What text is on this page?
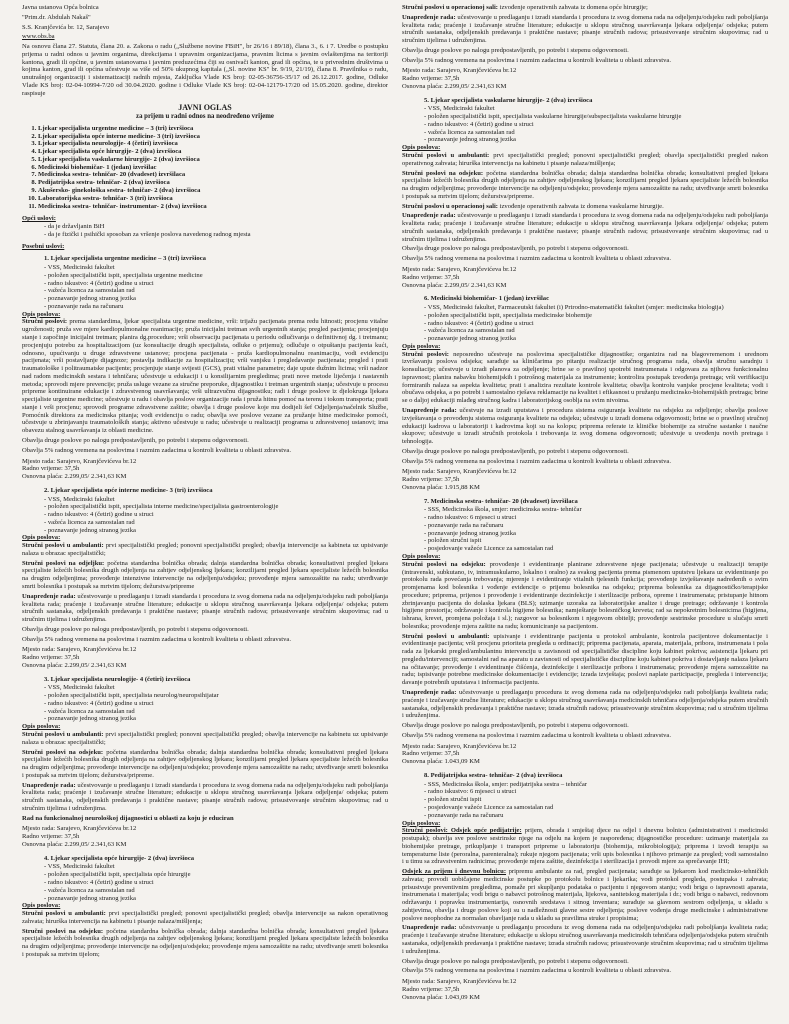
Javna ustanova Opća bolnica

"Prim.dr. Abdulah Nakaš"

S.S. Kranjčevića br. 12, Sarajevo

www.obs.ba

Na osnovu člana 27. Statuta, člana 20. a. Zakona o radu („Službene novine FBiH", br 26/16 i 89/18), člana 3., 6. i 7. Uredbe o postupku prijema u radni odnos u javnim organima, direkcijama i upravnim organizacijama, pravnim licima s javnim ovlaštenjima na teritoriji kantona, gradi ili općine, u javnim ustanovama i javnim preduzećima čiji su osnivači kanton, grad ili općina, te u privrednim društvima u kojima kanton, grad ili općina učestvuje sa više od 50% ukupnog kapitala („Sl. novine KS" br. 9/19, 21/19), člana 8. Pravilnika o radu, unutrašnjoj organizaciji i sistematizaciji radnih mjesta, Zaključka Vlade KS broj: 02-05-36756-35/17 od 26.12.2017. godine, Odluke Vlade KS broj: 02-04-10994-7/20 od 30.04.2020. godine i Odluke Vlade KS broj: 02-04-12179-17/20 od 15.05.2020. godine, direktor raspisuje

JAVNI OGLAS
za prijem u radni odnos na neodređeno vrijeme
1. Ljekar specijalista urgentne medicine – 3 (tri) izvršioca
2. Ljekar specijalista opće interne medicine- 3 (tri) izvršioca
3. Ljekar specijalista neurologije- 4 (četiri) izvršioca
4. Ljekar specijalista opće hirurgije- 2 (dva) izvršioca
5. Ljekar specijalista vaskularne hirurgije- 2 (dva) izvršioca
6. Medicinski biohemičar- 1 (jedan) izvršilac
7. Medicinska sestra- tehničar- 20 (dvadeset) izvršilaca
8. Pedijatrijska sestra- tehničar- 2 (dva) izvršioca
9. Akušersko- ginekološka sestra- tehničar- 2 (dva) izvršioca
10. Laboratorijska sestra- tehničar- 3 (tri) izvršioca
11. Medicinska sestra- tehničar- instrumentar- 2 (dva) izvršioca
Opći uslovi:
- da je državljanin BiH
- da je fizički i psihički sposoban za vršenje poslova navedenog radnog mjesta
Posebni uslovi:
1. Ljekar specijalista urgentne medicine – 3 (tri) izvršioca
- VSS, Medicinski fakultet
- položen specijalistički ispit, specijalista urgentne medicine
- radno iskustvo: 4 (četiri) godine u struci
- važeća licenca za samostalan rad
- poznavanje jednog stranog jezika
- poznavanje rada na računaru
Opis poslova:

Stručni poslovi: prema standardima, ljekar specijalista urgentne medicine, vrši: trijažu pacijenata prema redu hitnosti; procjenu vitalne ugroženosti; pruža sve mjere kardiopulmonalne reanimacije; pruža inicijalni tretman svih urgentnih stanja; pregled pacijenta; procjenjuju stanje i započinje inicijalni tretman; planira dg.procedure; vrši observaciju pacijenata u periodu odlučivanja o definitivnoj dg. i tretmanu; procjenjuju potrebu za hospitalizacijom (uz konsultacije drugih specijalista, odluke o prijemu); odlučuje o otpuštanju pacijenta kući, odnosno, upućivanju u druge zdravstvene ustanove; procjena pacijenata - pruža kardiopulmonalnu reanimaciju, vodi evidenciju pacijenata; vrši postavljanje dijagnoze; postavlja indikacije za hospitalizaciju; vrši vanjsku i pregledavanje pacijenata; pregled i prati traumatološke i politraumatske pacijente; procjenjuje stanje svijesti (GCS), prati vitalne parametre; daje upute dužnim licima; vrši nadzor nad radom medicinskih sestara i tehničara; učestvuje u edukaciji i u konsilijarnim pregledima; prati nove metode liječenja i nastavnih metoda; sprovodi mjere prevencije; pruža usluge vezane za stručne preporuke, dijagnostiku i tretman urgentnih stanja; učestvuje u procesu pripreme kontinuirane edukacije i zdravstvenog usavršavanja; vrši ultrazvučnu dijagnostiku; radi i druge poslove iz djelokruga ljekara specijaliste urgentne medicine; učestvuje u radu i obavlja poslove organizacije rada i pruža hitnu pomoć na terenu i tokom transporta; prati stanje i vrši procjenu; sprovodi programe zdravstvene zaštite; obavlja i druge poslove koje mu dodijeli šef Odjeljenja/načelnik Službe, Pomoćnik direktora za medicinska pitanja; vodi evidenciju o radu; obavlja sve poslove vezane za pružanje hitne medicinske pomoći, učestvuje u zbrinjavanju traumatoloških stanja; aktivno učestvuje u radu; učestvuje u realizaciji programa u zdravstvenoj ustanovi; ima obavezu stalnog usavršavanja iz oblasti medicine.

Obavlja druge poslove po nalogu predpostavljenih, po potrebi i stepenu odgovornosti.

Obavlja 5% radnog vremena na poslovima i razmim zadacima u kontroli kvaliteta u oblasti zdravstva.

Mjesto rada: Sarajevo, Kranjčevićeva br.12
Radno vrijeme: 37,5h
Osnovna plaća: 2.299,05/ 2.341,63 KM
2. Ljekar specijalista opće interne medicine- 3 (tri) izvršioca
- VSS, Medicinski fakultet
- položen specijalistički ispit, specijalista interne medicine/specijalista gastroenterologije
- radno iskustvo: 4 (četiri) godine u struci
- važeća licenca za samostalan rad
- poznavanje jednog stranog jezika
Opis poslova:

Stručni poslovi u ambulanti: prvi specijalistički pregled; ponovni specijalistički pregled; obavlja intervencije sa kabineta uz upisivanje nalaza u obrazac specijalistički;

Stručni poslovi na odjeljku: početna standardna bolnička obrada; dalnja standardna bolnička obrada; konsultativni pregled ljekara specijaliste ležećih bolesnika drugih odjeljenja na zahtjev odjeljenskog ljekara; konzilijarni pregled ljekara specijaliste ležećih bolesnika na drugim odjeljenjima; provođenje intenzivne intervencije na odjeljenju/odsjeku; provođenje mjera samozaštite na radu; utvrđivanje smrti bolesnika i postupak sa mrtvim tijelom; dežurstva/pripreme

Unapređenje rada: učestvovanje u predlaganju i izradi standarda i procedura iz svog domena rada na odjeljenju/odsjeku radi poboljšanja kvaliteta rada; praćenje i izučavanje stručne literature; edukacije u sklopu stručnog usavršavanja ljekara odjeljenja/ odsjeka; putem stručnih sastanaka, odjeljenskih predavanja i praktične nastave; pisanje stručnih radova; prisustvovanje stručnim skupovima; rad u stručnim tijelima i udruženjima.

Obavlja druge poslove po nalogu predpostavljenih, po potrebi i stepenu odgovornosti.

Obavlja 5% radnog vremena na poslovima i razmim zadacima u kontroli kvaliteta u oblasti zdravstva.

Mjesto rada: Sarajevo, Kranjčevićeva br.12
Radno vrijeme: 37,5h
Osnovna plaća: 2.299,05/ 2.341,63 KM
3. Ljekar specijalista neurologije- 4 (četiri) izvršioca
- VSS, Medicinski fakultet
- položen specijalistički ispit, specijalista neurolog/neuropsihijatar
- radno iskustvo: 4 (četiri) godine u struci
- važeća licenca za samostalan rad
- poznavanje jednog stranog jezika
Opis poslova:

Stručni poslovi u ambulanti: prvi specijalistički pregled; ponovni specijalistički pregled; obavlja intervencije na kabinetu uz upisivanje nalaza u obrazac specijalistički;

Stručni poslovi na odsjeku: početna standardna bolnička obrada; dalnja standardna bolnička obrada; konsultativni pregled ljekara specijaliste ležećih bolesnika drugih odjeljenja na zahtjev odjeljenskog ljekara; konzilijarni pregled ljekara specijaliste ležećih bolesnika na drugim odjeljenjima; provođenje intervencije na odjeljenju/odsjeku; provođenje mjera samozaštite na radu; utvrđivanje smrti bolesnika i postupak sa mrtvim tijelom; dežurstva/pripreme.

Unapređenje rada: učestvovanje u predlaganju i izradi standarda i procedura iz svog domena rada na odjeljenju/odsjeku radi poboljšanja kvaliteta rada; praćenje i izučavanje stručne literature; edukacije u sklopu stručnog usavršavanja ljekara odjeljenja/ odsjeka; putem stručnih sastanaka, odjeljenskih predavanja i praktične nastave; pisanje stručnih radova; prisustvovanje stručnim skupovima; rad u stručnim tijelima i udruženjima.

Rad na funkcionalnoj neurološkoj dijagnostici u oblasti za koju je educiran

Mjesto rada: Sarajevo, Kranjčevićeva br.12
Radno vrijeme: 37,5h
Osnovna plaća: 2.299,05/ 2.341,63 KM
4. Ljekar specijalista opće hirurgije- 2 (dva) izvršioca
- VSS, Medicinski fakultet
- položen specijalistički ispit, specijalista opće hirurgije
- radno iskustvo: 4 (četiri) godine u struci
- važeća licenca za samostalan rad
- poznavanje jednog stranog jezika
Opis poslova:

Stručni poslovi u ambulanti: prvi specijalistički pregled; ponovni specijalistički pregled; obavlja intervencije sa nakon operativnog zahvata; hirurška intervencija na kabinetu i pisanje nalaza/mišljenja;

Stručni poslovi na odsjeku: početna standardna bolnička obrada; dalnja standardna bolnička obrada; konsultativni pregled ljekara specijaliste ležećih bolesnika drugih odjeljenja na zahtjev odjeljenskog ljekara; konzilijarni pregled ljekara specijaliste ležećih bolesnika na drugim odjeljenjima; provođenje intervencije na odjeljenju/odsjeku; provođenje mjera samozaštite na radu; utvrđivanje smrti bolesnika i postupak sa mrtvim tijelom;

Stručni poslovi u operacionoj sali: izvođenje operativnih zahvata iz domena opće hirurgije;

Unapređenje rada: učestvovanje u predlaganju i izradi standarda i procedura iz svog domena rada na odjeljenju/odsjeku radi poboljšanja kvaliteta rada; praćenje i izučavanje stručne literature; edukacije u sklopu stručnog usavršavanja ljekara odjeljenja/ odsjeka; putem stručnih sastanaka, odjeljenskih predavanja i praktične nastave; pisanje stručnih radova; prisustvovanje stručnim skupovima; rad u stručnim tijelima i udruženjima.

Obavlja druge poslove po nalogu predpostavljenih, po potrebi i stepenu odgovornosti.

Obavlja 5% radnog vremena na poslovima i razmim zadacima u kontroli kvaliteta u oblasti zdravstva.

Mjesto rada: Sarajevo, Kranjčevićeva br.12
Radno vrijeme: 37,5h
Osnovna plaća: 2.299,05/ 2.341,63 KM
5. Ljekar specijalista vaskularne hirurgije- 2 (dva) izvršioca
- VSS, Medicinski fakultet
- položen specijalistički ispit, specijalista vaskularne hirurgije/subspecijalista vaskularne hirurgije
- radno iskustvo: 4 (četiri) godine u struci
- važeća licenca za samostalan rad
- poznavanje jednog stranog jezika
Opis poslova:

Stručni poslovi u ambulanti: prvi specijalistički pregled; ponovni specijalistički pregled; obavlja specijalistički pregled nakon operativnog zahvata; hirurška intervencija na kabinetu i pisanje nalaza/mišljenja;

Stručni poslovi na odsjeku: početna standardna bolnička obrada; dalnja standardna bolnička obrada; konsultativni pregled ljekara specijaliste ležećih bolesnika drugih odjeljenja na zahtjev odjeljenskog ljekara; konzilijarni pregled ljekara specijaliste ležećih bolesnika na drugim odjeljenjima; provođenje intervencije na odjeljenju/odsjeku; provođenje mjera samozaštite na radu; utvrđivanje smrti bolesnika i postupak sa mrtvim tijelom; dežurstva/pripreme.

Stručni poslovi u operacionoj sali: izvođenje operativnih zahvata iz domena vaskularne hirurgije.

Unapređenje rada: učestvovanje u predlaganju i izradi standarda i procedura iz svog domena rada na odjeljenju/odsjeku radi poboljšanja kvaliteta rada; praćenje i izučavanje stručne literature; edukacije u sklopu stručnog usavršavanja ljekara odjeljenja/ odsjeka; putem stručnih sastanaka, odjeljenskih predavanja i praktične nastave; pisanje stručnih radova; prisustvovanje stručnim skupovima; rad u stručnim tijelima i udruženjima.

Obavlja druge poslove po nalogu predpostavljenih, po potrebi i stepenu odgovornosti.

Obavlja 5% radnog vremena na poslovima i razmim zadacima u kontroli kvaliteta u oblasti zdravstva.

Mjesto rada: Sarajevo, Kranjčevićeva br.12
Radno vrijeme: 37,5h
Osnovna plaća: 2.299,05/ 2.341,63 KM
6. Medicinski biohemičar- 1 (jedan) izvršilac
- VSS, Medicinski fakultet, Farmaceutski fakultet (i) Prirodno-matematički fakultet (smjer: medicinska biologija)
- položen specijalistički ispit, specijalista medicinske biohemije
- radno iskustvo: 4 (četiri) godine u struci
- važeća licenca za samostalan rad
- poznavanje jednog stranog jezika
Opis poslova:

Stručni poslovi: neposredno učestvuje na poslovima specijalističke dijagnostike; organizira rad na blagovremenom i urednom izvršavanju poslova odsjeka; sarađuje sa kliničarima po pitanju realizacije stručnog programa rada, obavlja stručnu saradnju i konsultacije; učestvuje u izradi planova za odjeljenje; brine se o pravilnoj upotrebi instrumenata i odgovara za njihovu funkcionalnu ispravnost; planira nabavku biohemijskih i potrošnog materijala za instrumente; kontrolira postupak izvođenja pretraga; vrši verifikaciju formiranih nalaza sa aspekta kvaliteta; prati i analizira rezultate kontrole kvaliteta; obavlja kontrolu vanjske procjene kvaliteta; vodi i obučava odsjeka, a po potrebi i samostalno rješava reklamacije na kvalitet i efikasnost u pružanju medicinsko-biohemijskih pretraga; brine se o daljoj edukaciji mlađeg stručnog kadra i laboratorijskog osoblja na svim nivoima.

Unapređenje rada: učestvuje na izradi uputstava i procedura sistema osiguranja kvalitete na odsjeku za odjeljenje; obavlja poslove izvještavanja o provođenju sistema osiguranja kvalitete na odsjeku; učestvuje u izradi domena odgovornosti; brine se o pravilnoj stručnoj edukaciji kadrova u laboratoriji i kadrovima koji su na kolopu; priprema referate iz kliničke biohemije za stručne sastanke i naučne skupove; učestvuje u izradi stručnih protokola i trebovanja iz svog domena odgovornosti; učestvuje u uvođenju novih pretraga i tehnologija.

Obavlja druge poslove po nalogu predpostavljenih, po potrebi i stepenu odgovornosti.

Obavlja 5% radnog vremena na poslovima i razmim zadacima u kontroli kvaliteta u oblasti zdravstva.

Mjesto rada: Sarajevo, Kranjčevićeva br.12
Radno vrijeme: 37,5h
Osnovna plaća: 1.915,88 KM
7. Medicinska sestra- tehničar- 20 (dvadeset) izvršilaca
- SSS, Medicinska škola, smjer: medicinska sestra- tehničar
- radno iskustvo: 6 mjeseci u struci
- poznavanje rada na računaru
- poznavanje jednog stranog jezika
- položen stručni ispit
- posjedovanje važeće Licence za samostalan rad
Opis poslova:

Stručni poslovi na odsjeku: provođenje i evidentiranje planirane zdravstvene njege pacijenata; učestvuje u realizaciji terapije (intravenski, subkutano, iv, intramuskularno, lokalno i oralno) za svakog pacijenta prema pismenom uputstvu ljekara uz evidentiranje po protokolu rada povećanja trebovanja; mjerenje i evidentiranje vitalnih tjelesnih funkcija; provođenje izvještavanje nadređenih o svim promjenama kod bolesnika i vođenje evidencije o prijemu bolesnika na odsjeku; priprema bolesnika za dijagnostičko/terapijske procedure; priprema, prijenos i provođenje i evidentiranje dezinfekcije i sterilizacije pribora, opreme i instrumenata; pristupanje hitnom zbrinjavanju pacijenta do dolaska ljekara (BLS); uzimanje uzoraka za laboratorijske analize i druge pretrage; održavanje i kontrola higijene prostorija; održavanje i kontrola higijene bolesnika; namještanje bolesničkog kreveta; rad sa nepokretnim bolesnicima (higijena, ishrana, krevet, promjena položaja i sl.); razgovor sa bolesnikom i njegovom obitelji; provođenje sestrinske procedure u slučaju smrti bolesnika; provođenje mjera zaštite na radu; komuniciranje sa pacijentom.

Stručni poslovi u ambulanti: upisivanje i evidentiranje pacijenta u protokol ambulante, kontrola pacijentove dokumentacije i evidentiranje pacijenta; vrši procjenu prioriteta pregleda u ordinaciji; priprema pacijenata, aparata, materijala, pribora, instrumenata i pola rada za ljekarski pregled/ambulantnu intervenciju u zavisnosti od specijalističke discipline koju kabinet pokriva; asistencija ljekaru pri pregledu/intervenciji; samostalni rad na aparatu u zavisnosti od specijalističke discipline koju kabinet pokriva i dostavljanje nalaza ljekaru na očitavanje; provođenje i evidentiranje čišćenja, dezinfekcije i sterilizacije pribora i instrumenata; provođenje mjera samozaštite na radu; ispisivanje potrebne medicinske dokumentacije i evidencije; izrada izvještaja; poslovi naplate participacije, pregleda i intervencija; davanje potrebnih uputstava i informacija pacijentu.

Unapređenje rada: učestvovanje u predlaganju procedura iz svog domena rada na odjeljenju/odsjeku radi poboljšanja kvaliteta rada; praćenje i izučavanje stručne literature; edukacije u sklopu stručnog usavršavanja medicinskih tehničara odjeljenja/odsjeka putem stručnih sastanaka, odjeljenskih predavanja i praktične nastave; izrada stručnih radova; prisustvovanje stručnim skupovima; rad u stručnim tijelima i udruženjima.

Obavlja druge poslove po nalogu predpostavljenih, po potrebi i stepenu odgovornosti.

Obavlja 5% radnog vremena na poslovima i razmim zadacima u kontroli kvaliteta u oblasti zdravstva.

Mjesto rada: Sarajevo, Kranjčevićeva br.12
Radno vrijeme: 37,5h
Osnovna plaća: 1.043,09 KM
8. Pedijatrijska sestra- tehničar- 2 (dva) izvršioca
- SSS, Medicinska škola, smjer: pedijatrijska sestra – tehničar
- radno iskustvo: 6 mjeseci u struci
- položen stručni ispit
- posjedovanje važeće Licence za samostalan rad
- poznavanje rada na računaru
Opis poslova:

Stručni poslovi: Odsjek opće pedijatrije: prijem, obrada i smještaj djece na odjel i dnevnu bolnicu (administrativni i medicinski postupak); obavlja sve poslove sestrinske njege na odjelu na kojem je raspoređena; dijagnostičke procedure: uzimanje materijala za biohemijske pretrage, prikupljanje i transport pripreme u laboratoriju (biohemija, mikrobiologija); priprema i izvodi terapiju sa temperaturne liste (peroralna, parenteralna); rukuje njegom pacijenata; vrši upis bolesnika i njihovo primanje za pregled; vodi samostalno i u timu sa zdravstvenim radnicima; provođenje mjera zaštite, dezinfekcija i sterilizacija i provodi mjere za sprečavanje IHI;

Odsjek za prijem i dnevnu bolnicu: pripremu ambulante za rad, pregled pacijenata; sarađuje sa ljekarom kod medicinsko-tehničkih zahvata; provodi uobičajene medicinske postupke po protokolu bolnice i ljekarika; vodi protokol pregleda, postupaka i zahvata; prisustvuje preventivnim pregledima, pomaže pri skupljanju podataka o pacijentu i njegovom stanju; vodi brigu o ispravnosti aparata, instrumenata i materijala; vodi brigu o nabavci potrošnog materijala, lijekova, sanitetskog materijala i dr.; vodi brigu o nabavci, redovnom održavanju i popravku instrumentarija, osnovnih sredstava i sitnog inventara; surađuje sa glavnom sestrom odjeljenja, u skladu s zahtjevima, obavlja i druge poslove koji su u nadležnosti glavne sestre odjeljenja; poslove vođenja druge medicinske i administrativne poslove neophodne za normalan obavljanje rada u skladu sa pravilima struke i propisima;

Unapređenje rada: učestvovanje u predlaganju procedura iz svog domena rada na odjeljenju/odsjeku radi poboljšanja kvaliteta rada; praćenje i izučavanje stručne literature; edukacije u sklopu stručnog usavršavanja medicinskih tehničara odjeljenja/odsjeka putem stručnih sastanaka, odjeljenskih predavanja i praktične nastave; izrada stručnih radova; prisustvovanje stručnim skupovima; rad u stručnim tijelima i udruženjima.

Obavlja druge poslove po nalogu predpostavljenih, po potrebi i stepenu odgovornosti.

Obavlja 5% radnog vremena na poslovima i razmim zadacima u kontroli kvaliteta u oblasti zdravstva.

Mjesto rada: Sarajevo, Kranjčevićeva br.12
Radno vrijeme: 37,5h
Osnovna plaća: 1.043,09 KM
